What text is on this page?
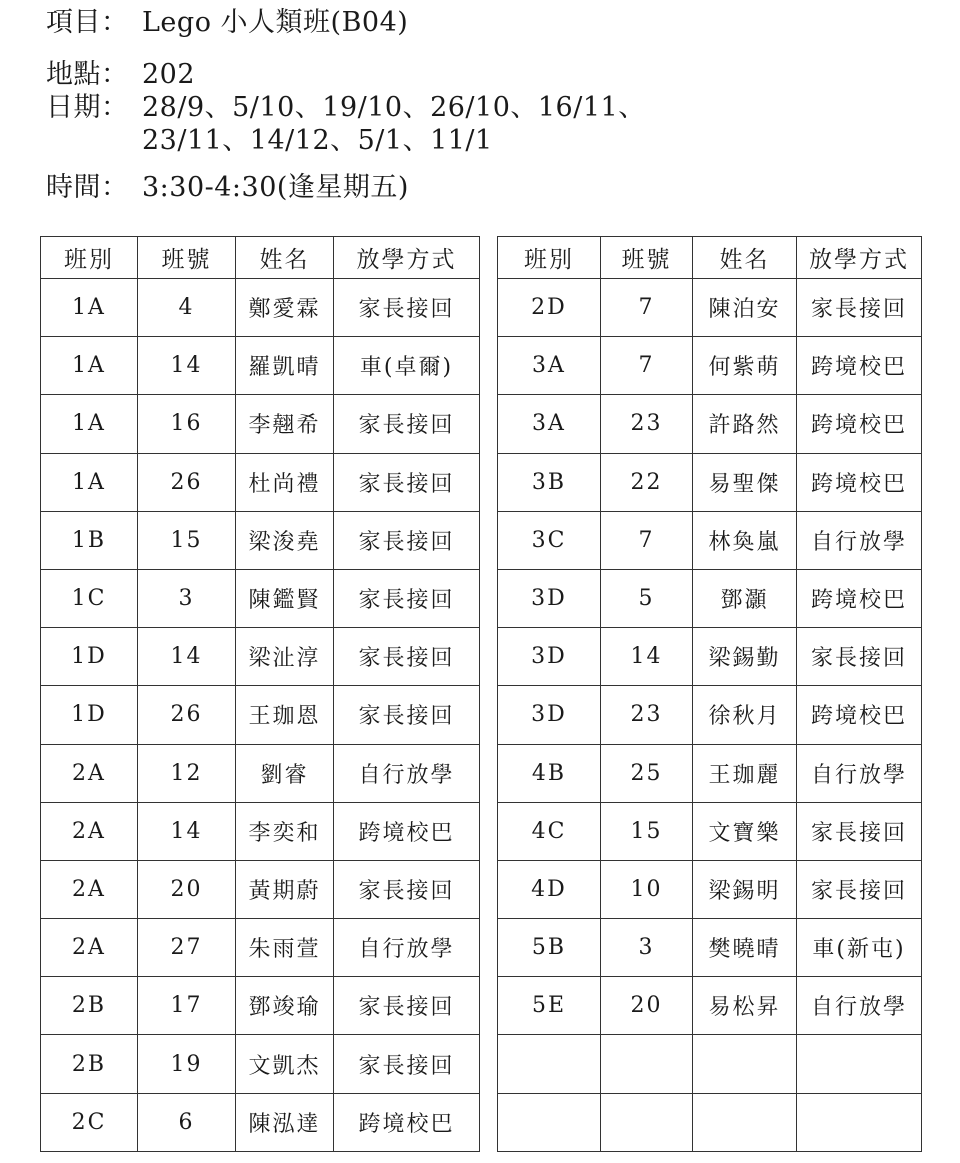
項目： Lego 小人類班(B04)
地點： 202
日期： 28/9、5/10、19/10、26/10、16/11、
23/11、14/12、5/1、11/1
時間： 3:30-4:30(逢星期五)
班別	班號	姓名	放學方式
1A	4	鄭愛霖	家長接回
1A	14	羅凱晴	車(卓爾)
1A	16	李翹希	家長接回
1A	26	杜尚禮	家長接回
1B	15	梁浚堯	家長接回
1C	3	陳鑑賢	家長接回
1D	14	梁沚淳	家長接回
1D	26	王珈恩	家長接回
2A	12	劉睿	自行放學
2A	14	李奕和	跨境校巴
2A	20	黃期蔚	家長接回
2A	27	朱雨萱	自行放學
2B	17	鄧竣瑜	家長接回
2B	19	文凱杰	家長接回
2C	6	陳泓達	跨境校巴
班別	班號	姓名	放學方式
2D	7	陳泊安	家長接回
3A	7	何紫萌	跨境校巴
3A	23	許路然	跨境校巴
3B	22	易聖傑	跨境校巴
3C	7	林奐嵐	自行放學
3D	5	鄧灝	跨境校巴
3D	14	梁錫勤	家長接回
3D	23	徐秋月	跨境校巴
4B	25	王珈麗	自行放學
4C	15	文寶樂	家長接回
4D	10	梁錫明	家長接回
5B	3	樊曉晴	車(新屯)
5E	20	易松昇	自行放學
